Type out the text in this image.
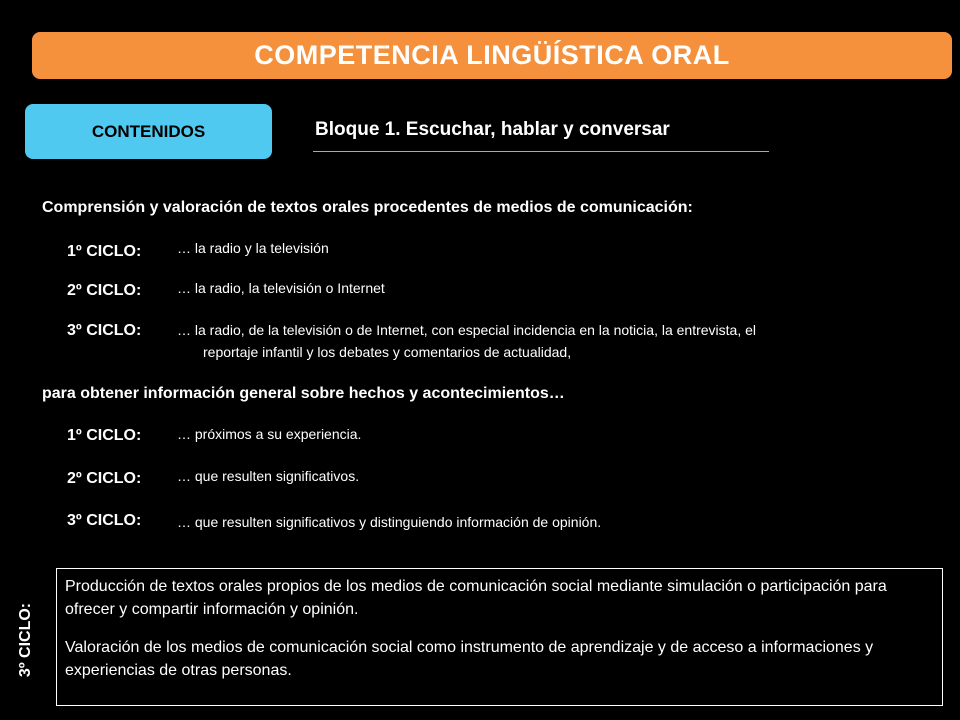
COMPETENCIA LINGÜÍSTICA ORAL
CONTENIDOS	Bloque 1. Escuchar, hablar y conversar
Comprensión y valoración de textos orales procedentes de medios de comunicación:
1º CICLO:	… la radio y la televisión
2º CICLO:	… la radio, la televisión o Internet
3º CICLO:	… la radio, de la televisión o de Internet, con especial incidencia en la noticia, la entrevista, el
reportaje infantil y los debates y comentarios de actualidad,
para obtener información general sobre hechos y acontecimientos…
1º CICLO:	… próximos a su experiencia.
2º CICLO:	… que resulten significativos.
3º CICLO:	… que resulten significativos y distinguiendo información de opinión.
3º CICLO:

Producción de textos orales propios de los medios de comunicación social mediante simulación o participación para ofrecer y compartir información y opinión.

Valoración de los medios de comunicación social como instrumento de aprendizaje y de acceso a informaciones y experiencias de otras personas.
